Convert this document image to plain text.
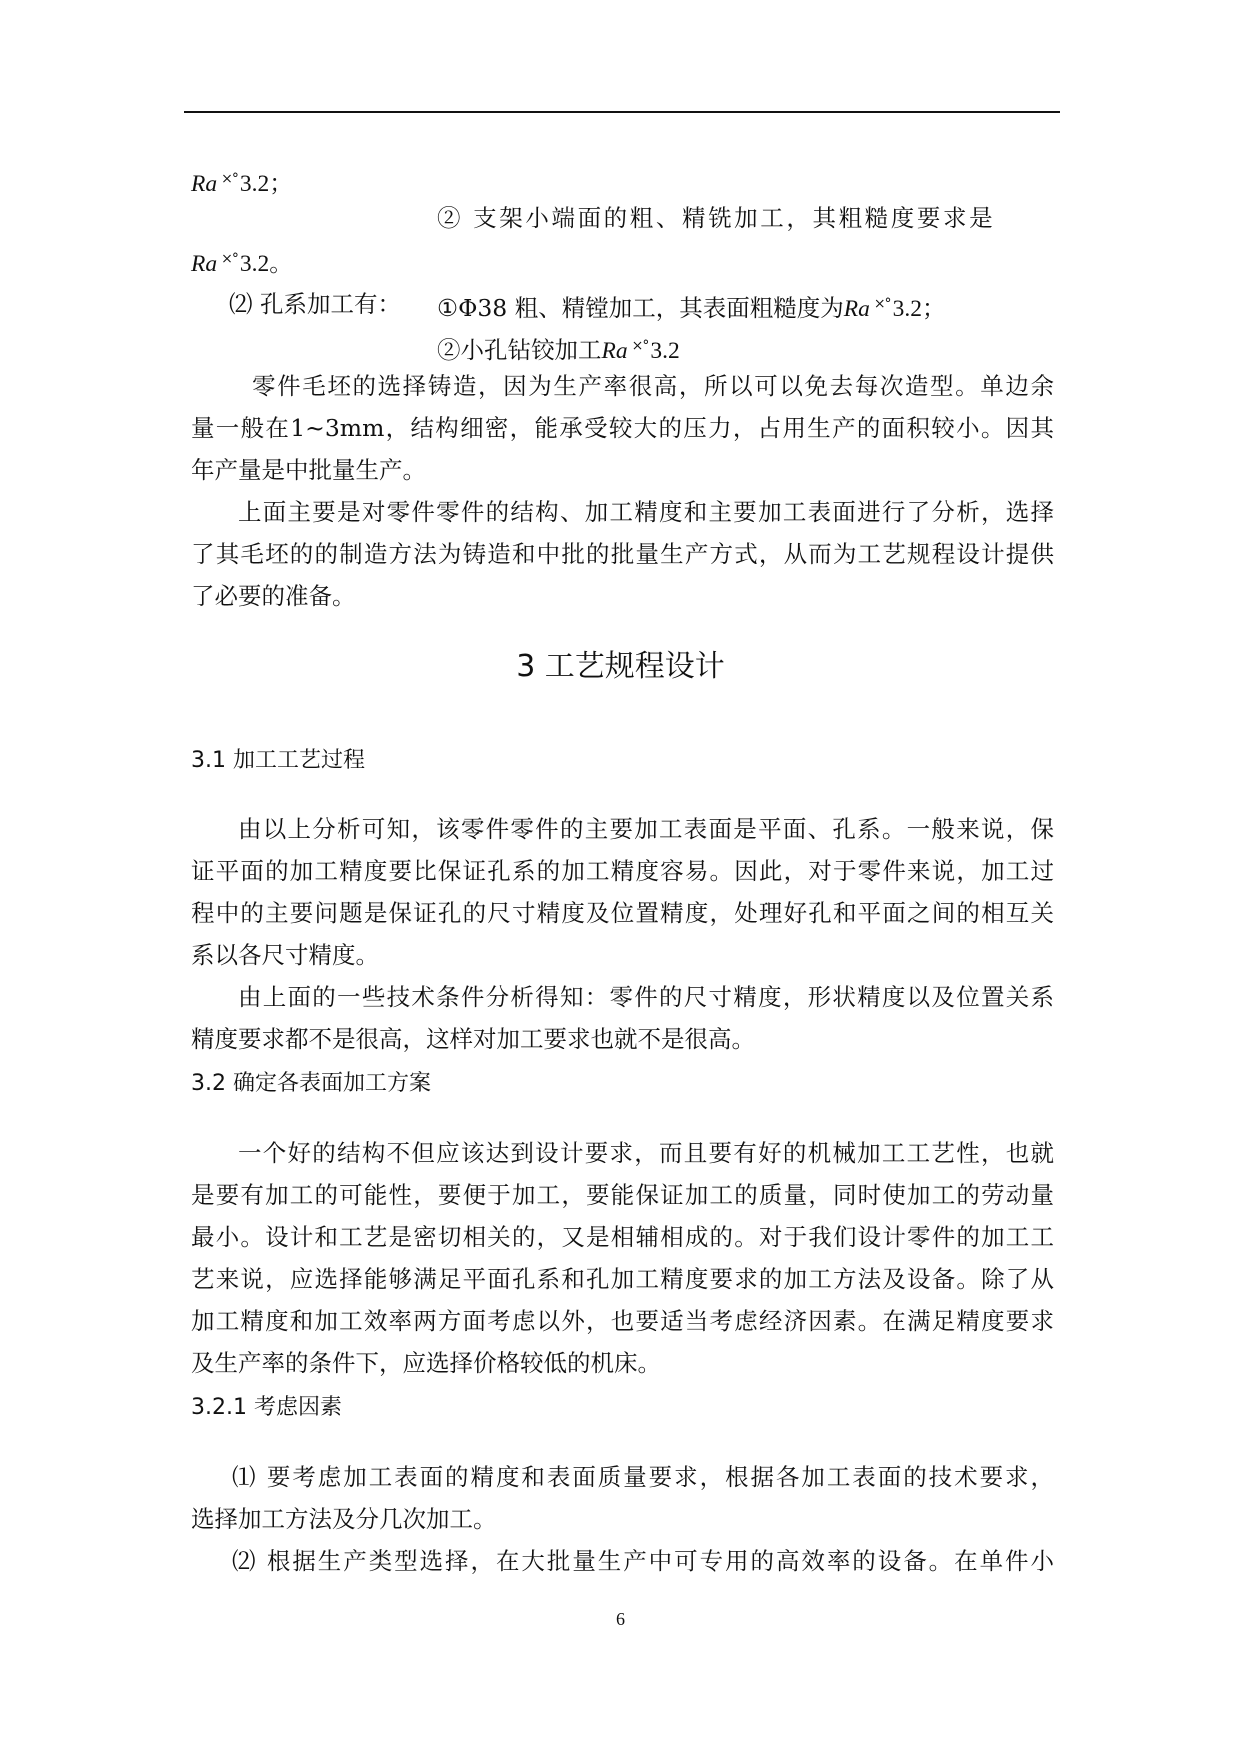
Ra ×°3.2；
② 支架小端面的粗、精铣加工，其粗糙度要求是
Ra ×°3.2。
⑵ 孔系加工有： ①Φ38 粗、精镗加工，其表面粗糙度为Ra ×°3.2；
②小孔钻铰加工Ra ×°3.2
零件毛坯的选择铸造，因为生产率很高，所以可以免去每次造型。单边余
量一般在1~3mm，结构细密，能承受较大的压力，占用生产的面积较小。因其
年产量是中批量生产。
上面主要是对零件零件的结构、加工精度和主要加工表面进行了分析，选择
了其毛坯的的制造方法为铸造和中批的批量生产方式，从而为工艺规程设计提供
了必要的准备。
3 工艺规程设计
3.1 加工工艺过程
由以上分析可知，该零件零件的主要加工表面是平面、孔系。一般来说，保
证平面的加工精度要比保证孔系的加工精度容易。因此，对于零件来说，加工过
程中的主要问题是保证孔的尺寸精度及位置精度，处理好孔和平面之间的相互关
系以各尺寸精度。
由上面的一些技术条件分析得知：零件的尺寸精度，形状精度以及位置关系
精度要求都不是很高，这样对加工要求也就不是很高。
3.2 确定各表面加工方案
一个好的结构不但应该达到设计要求，而且要有好的机械加工工艺性，也就
是要有加工的可能性，要便于加工，要能保证加工的质量，同时使加工的劳动量
最小。设计和工艺是密切相关的，又是相辅相成的。对于我们设计零件的加工工
艺来说，应选择能够满足平面孔系和孔加工精度要求的加工方法及设备。除了从
加工精度和加工效率两方面考虑以外，也要适当考虑经济因素。在满足精度要求
及生产率的条件下，应选择价格较低的机床。
3.2.1 考虑因素
⑴ 要考虑加工表面的精度和表面质量要求，根据各加工表面的技术要求，
选择加工方法及分几次加工。
⑵ 根据生产类型选择，在大批量生产中可专用的高效率的设备。在单件小
6
